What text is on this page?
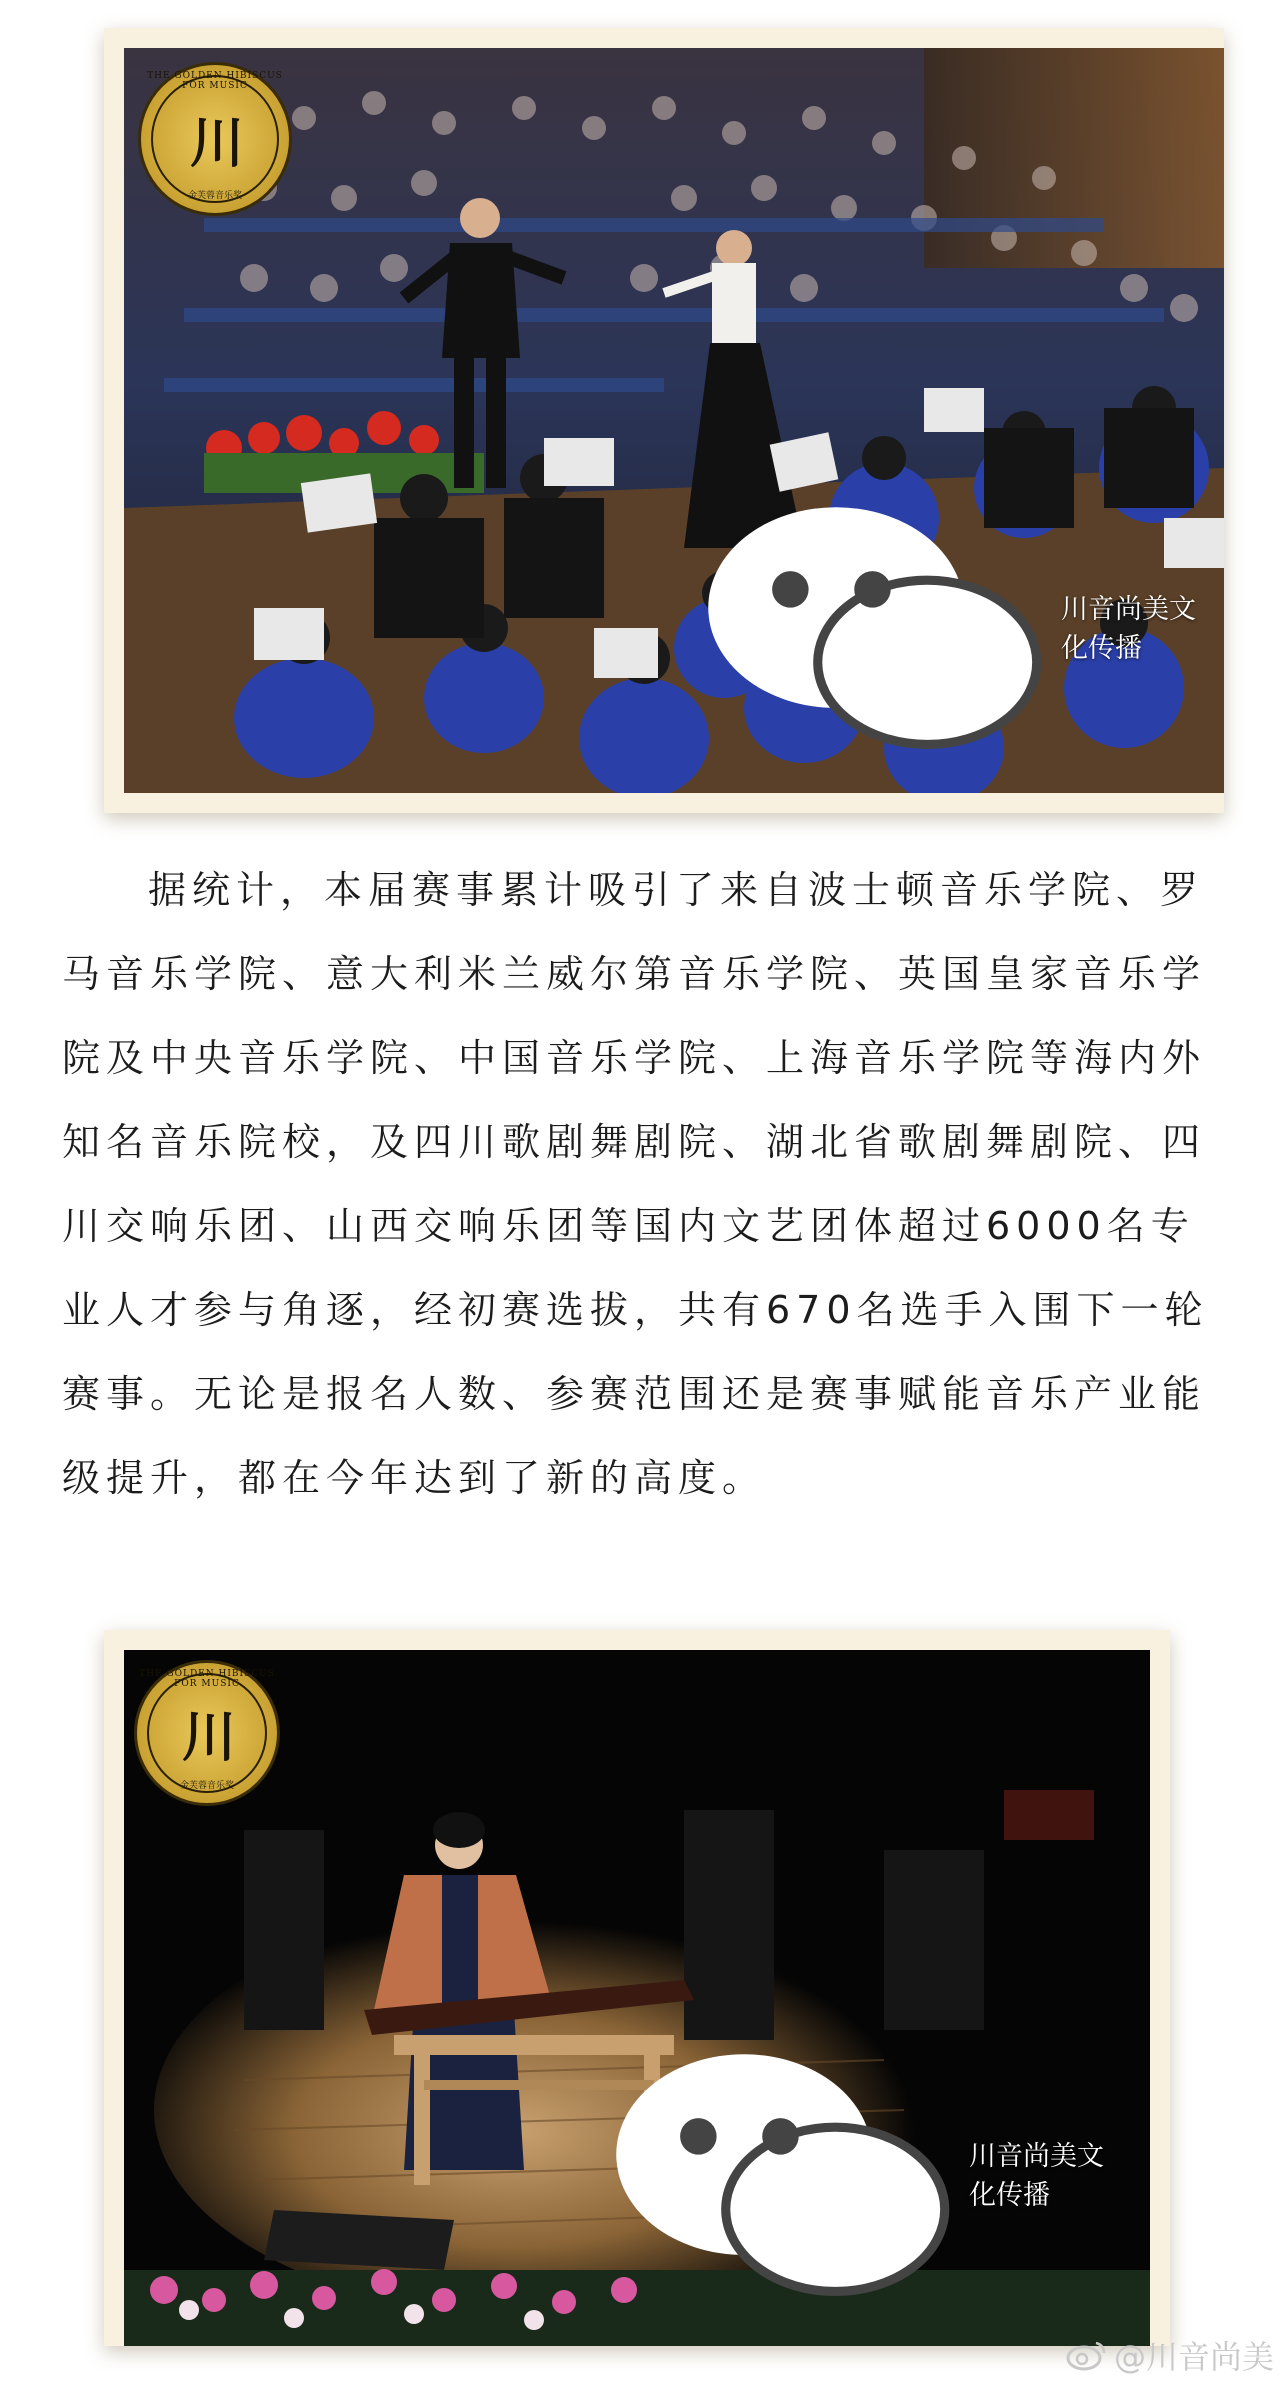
THE GOLDEN HIBISCUS FOR MUSIC
川
金芙蓉音乐奖
川音尚美文化传播
据统计，本届赛事累计吸引了来自波士顿音乐学院、罗马音乐学院、意大利米兰威尔第音乐学院、英国皇家音乐学院及中央音乐学院、中国音乐学院、上海音乐学院等海内外知名音乐院校，及四川歌剧舞剧院、湖北省歌剧舞剧院、四川交响乐团、山西交响乐团等国内文艺团体超过6000名专业人才参与角逐，经初赛选拔，共有670名选手入围下一轮赛事。无论是报名人数、参赛范围还是赛事赋能音乐产业能级提升，都在今年达到了新的高度。
THE GOLDEN HIBISCUS FOR MUSIC
川
金芙蓉音乐奖
川音尚美文化传播
@川音尚美
